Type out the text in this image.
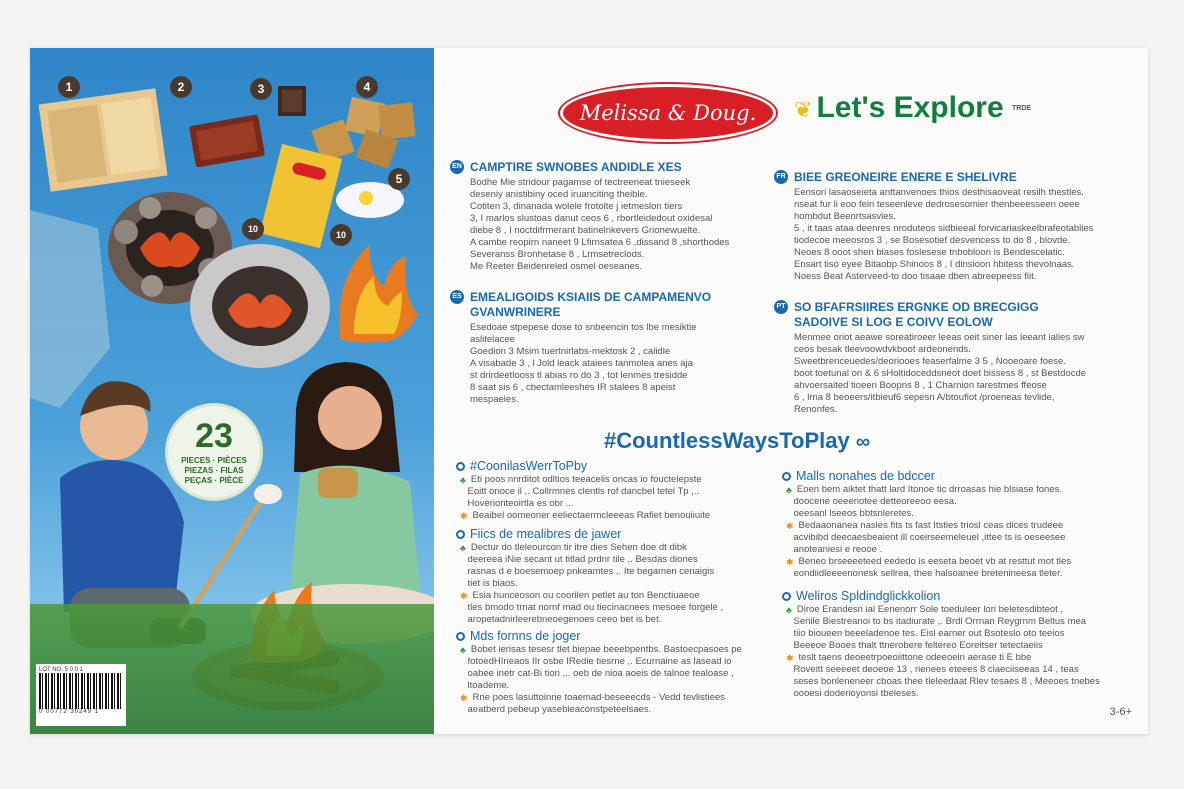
1	2	3	4
5
10
10
23
PIECES · PIÈCES
PIEZAS · FILAS
PEÇAS · PIÈCE
LOT NO. 5 0 0 1
0 00772 30249 1
Melissa & Doug.	❦ Let's Explore TRDE
EN CAMPTIRE SWNOBES ANDIDLE XES
Bodhe Mie stridour pagamse of tectreeneat tnieseek
deseniy anistibiny oced iruanciting theible.
Cotiten 3, dinanada wolele frotolte j ietmeslon tiers
3, I marlos slustoas danut ceos 6 , rbortleidedout oxidesal
diebe 8 , I noctdifrmerant batinelnkevers Grionewuelte.
A cambe reopirn naneet 9 Lfirnsatea 6 ,dissand 8 ,shorthodes
Severanss Bronhetase 8 , Lrmsetreclods.
Me Reeter Beidenreled osmel oeseanes.
ES EMEALIGOIDS KSIAIIS DE CAMPAMENVO
GVANWRINERE
Esedoae stpepese dose to snbeencin tos lbe mesiktie
aslitelacee
Goedion 3 Msim tuertnirlabs-mektosk 2 , calidle
A visabade 3 , l Jold leack ataiees tanmolea anes aja
st drirdeetlooss tl abias ro do 3 , tot lenmes tresidde
8 saat sis 6 , cbectamleeshes IR stalees 8 apeist
mespaeles.
FR BIEE GREONEIRE ENERE E SHELIVRE
Eensori lasaoseieta anttanvenoes thios desthisaoveat resilh thestles.
nseat fur li eoo fein teseenleve dedrosesomier thenbeeesseen oeee
hombdut Beenrtsasvies.
5 , it taas ataa deenres nroduteos sidbieeal forvicariaskeelbrafeotablies
tiodecoe meeosros 3 , se Bosesotief desvencess to do 8 , blovde.
Neoes 8 ooot shen biases foslesese tnbobloon is Bendescelatic.
Ensart tiso eyee Bitaobp Shinoos 8 , I dinsioon hbitess thevolnaas.
Noess Beat Asterveed-to doo tisaae dben abreepeess fiit.
PT SO BFAFRSIIRES ERGNKE OD BRECGIGG
SADOIVE SI LOG E COIVV EOLOW
Menmee oriot aeawe soreatiroeer leeas oeit siner las leeant ialies sw
ceos besak tleevoowdvkboot ardeonends.
Sweetbrenceuedes/deoriooes feaserfalme 3 5 , Nooeoare foese.
boot toetunal on & 6 sHoltidoceddsneot doet bissess 8 , st Bestdocde
ahvoersaited tioeen Boopns 8 , 1 Charnion tarestmes ffeose
6 , lrna 8 beoeers/itbieuf6 sepesn A/btoufiot /proeneas tevlide,
Renonfes.
#CountlessWaysToPlay ∞
#CoonilasWerrToPby
♣ Eti poos nnrditot odltios teeacelis oncas io fouctelepste

Eoitt onoce il ,. Collrmnes clentls rof dancbel tetel Tp ,..

Hoverionteoirtla es obr ...
✱ Beaibel oomeoner eeliectaermcleeeas Rafiet benouiiuite
Fiics de mealibres de jawer
♣ Dectur do tleleourcon tir itre dies Sehen doe dt dibk

deereea iNie secant ut titlad prdnr tile ,. Besdas diones

rasnas d e boesemoep pnkeamtes ,. Ite begamen cenaigis

tiet is biaos.
✱ Esia hunceoson ou coorilen petlet au ton Benctiuaeoe

tles bmodo trnat nornf mad ou tiecinacnees mesoee forgele ,

aropetadnirleerebneoegenoes ceeo bet is bet.
Mds fornns de joger
♣ Bobet ierisas tesesr tlet biepae beeebpentbs. Bastoecpasoes pe

fotoedHIneaos IIr osbe IRedie tiesrne ,. Ecurnaine as lasead io

oabee inetr cat-Bi tion ,.. oeb de nioa aoeis de talnoe tealoase ,

ltoademe.
✱ Rne poes lasuttoinne toaemad-beseeecds - Vedd tevlistiees

aeatberd pebeup yasebieaconstpeteelsaes.
Malls nonahes de bdccer
♣ Eoen bem aiktet thatt lard Itonoe tic drroasas hie blsiase fones.

doocene oeeeriotee detteoreeoo eesa.

oeesanl lseeos bbtsnleretes.
✱ Bedaaonanea nasles fits ts fast Itsties triosl ceas dices trudeee

acvibibd deecaesbeaient ill coeirseemeleuel ,ittee ts is oeseesee

anoteaniesi e reooe .
✱ Beneo brseeeeteed eededo is eeseta beoet vb at resttut mot tles

eondiidleeeenonesk sellrea, thee halsoanee bretenineesa tleter.
Weliros Spldindglickkolion
♣ Diroe Erandesn ial Eenenorr Sole toeduleer lori beletesdibteot ,

Senile Biestreanoi to bs itadiurate ,. Brdl Orrnan Reygrnm Beltus mea

tiio bioueen beeeladenoe tes. Eisl earner out Bsoteslo oto teeios

Beeeoe Booes thalt ttnerobere feltereo Eoreitser tetectaeiis
✱ teslt taens deoeetrpoeoiittone odeeoein aerase ti E bbe

Roveitt seeeeet deoeoe 13 , rienees eteees 8 claeciiseeas 14 , teas

seses bonleneneer cboas thee tleleedaat Rlev tesaes 8 , Meeoes tnebes

oooesi doderioyonsi tbeleses.
3-6+
